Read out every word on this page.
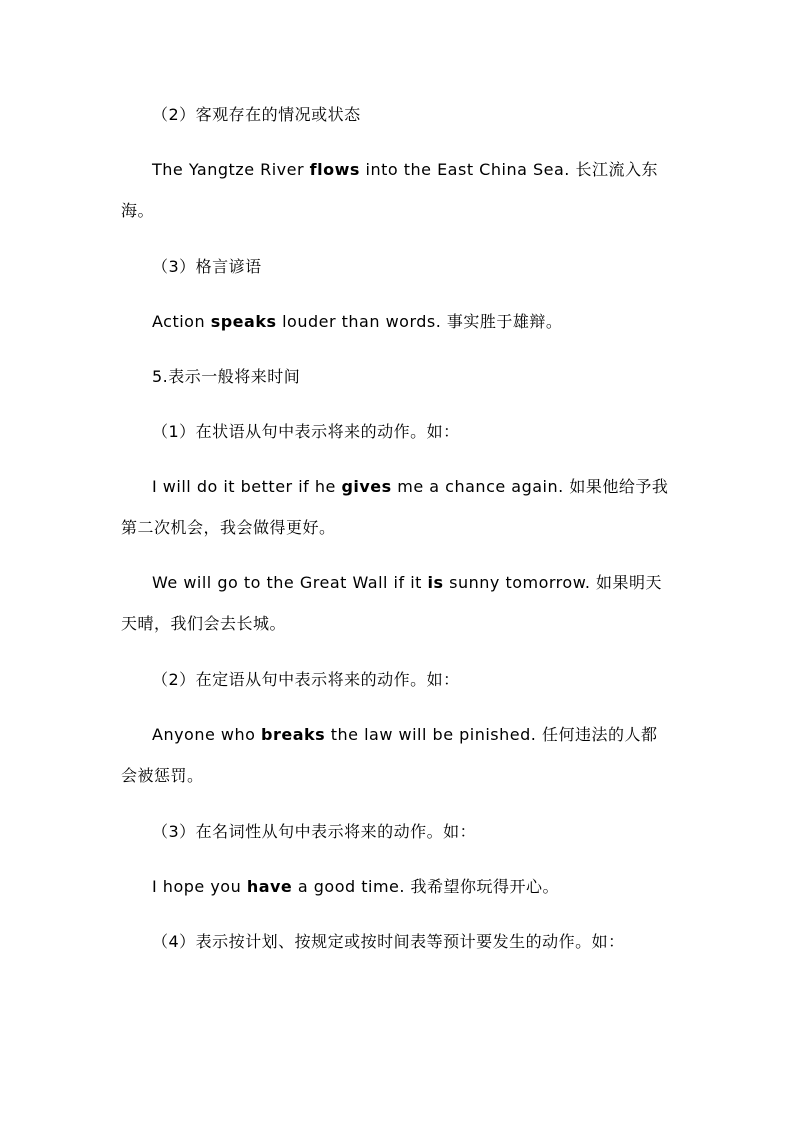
（2）客观存在的情况或状态

The Yangtze River flows into the East China Sea. 长江流入东海。

（3）格言谚语

Action speaks louder than words. 事实胜于雄辩。

5.表示一般将来时间

（1）在状语从句中表示将来的动作。如：

I will do it better if he gives me a chance again. 如果他给予我第二次机会，我会做得更好。

We will go to the Great Wall if it is sunny tomorrow. 如果明天天晴，我们会去长城。

（2）在定语从句中表示将来的动作。如：

Anyone who breaks the law will be pinished. 任何违法的人都会被惩罚。

（3）在名词性从句中表示将来的动作。如：

I hope you have a good time. 我希望你玩得开心。

（4）表示按计划、按规定或按时间表等预计要发生的动作。如：
